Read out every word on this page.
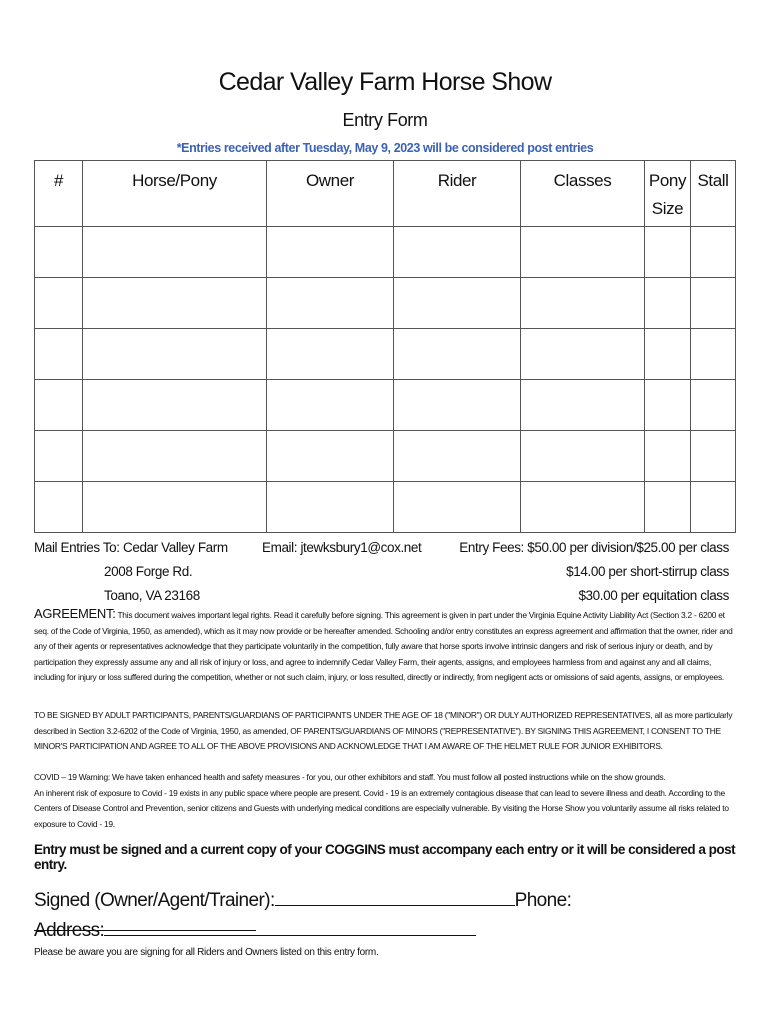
Cedar Valley Farm Horse Show
Entry Form
*Entries received after Tuesday, May 9, 2023 will be considered post entries
#	Horse/Pony	Owner	Rider	Classes	Pony Size	Stall

Mail Entries To: Cedar Valley Farm
2008 Forge Rd.
Toano, VA 23168
Email: jtewksbury1@cox.net	Entry Fees: $50.00 per division/$25.00 per class
$14.00 per short-stirrup class
$30.00 per equitation class
AGREEMENT: This document waives important legal rights. Read it carefully before signing. This agreement is given in part under the Virginia Equine Activity Liability Act (Section 3.2 - 6200 et seq. of the Code of Virginia, 1950, as amended), which as it may now provide or be hereafter amended. Schooling and/or entry constitutes an express agreement and affirmation that the owner, rider and any of their agents or representatives acknowledge that they participate voluntarily in the competition, fully aware that horse sports involve intrinsic dangers and risk of serious injury or death, and by participation they expressly assume any and all risk of injury or loss, and agree to indemnify Cedar Valley Farm, their agents, assigns, and employees harmless from and against any and all claims, including for injury or loss suffered during the competition, whether or not such claim, injury, or loss resulted, directly or indirectly, from negligent acts or omissions of said agents, assigns, or employees.
TO BE SIGNED BY ADULT PARTICIPANTS, PARENTS/GUARDIANS OF PARTICIPANTS UNDER THE AGE OF 18 ("MINOR") OR DULY AUTHORIZED REPRESENTATIVES, all as more particularly described in Section 3.2-6202 of the Code of Virginia, 1950, as amended, OF PARENTS/GUARDIANS OF MINORS ("REPRESENTATIVE"). BY SIGNING THIS AGREEMENT, I CONSENT TO THE MINOR'S PARTICIPATION AND AGREE TO ALL OF THE ABOVE PROVISIONS AND ACKNOWLEDGE THAT I AM AWARE OF THE HELMET RULE FOR JUNIOR EXHIBITORS.
COVID – 19 Warning: We have taken enhanced health and safety measures - for you, our other exhibitors and staff. You must follow all posted instructions while on the show grounds.
An inherent risk of exposure to Covid - 19 exists in any public space where people are present. Covid - 19 is an extremely contagious disease that can lead to severe illness and death. According to the Centers of Disease Control and Prevention, senior citizens and Guests with underlying medical conditions are especially vulnerable. By visiting the Horse Show you voluntarily assume all risks related to exposure to Covid - 19.
Entry must be signed and a current copy of your COGGINS must accompany each entry or it will be considered a post entry.
Signed (Owner/Agent/Trainer):	Phone:
Address:
Please be aware you are signing for all Riders and Owners listed on this entry form.
